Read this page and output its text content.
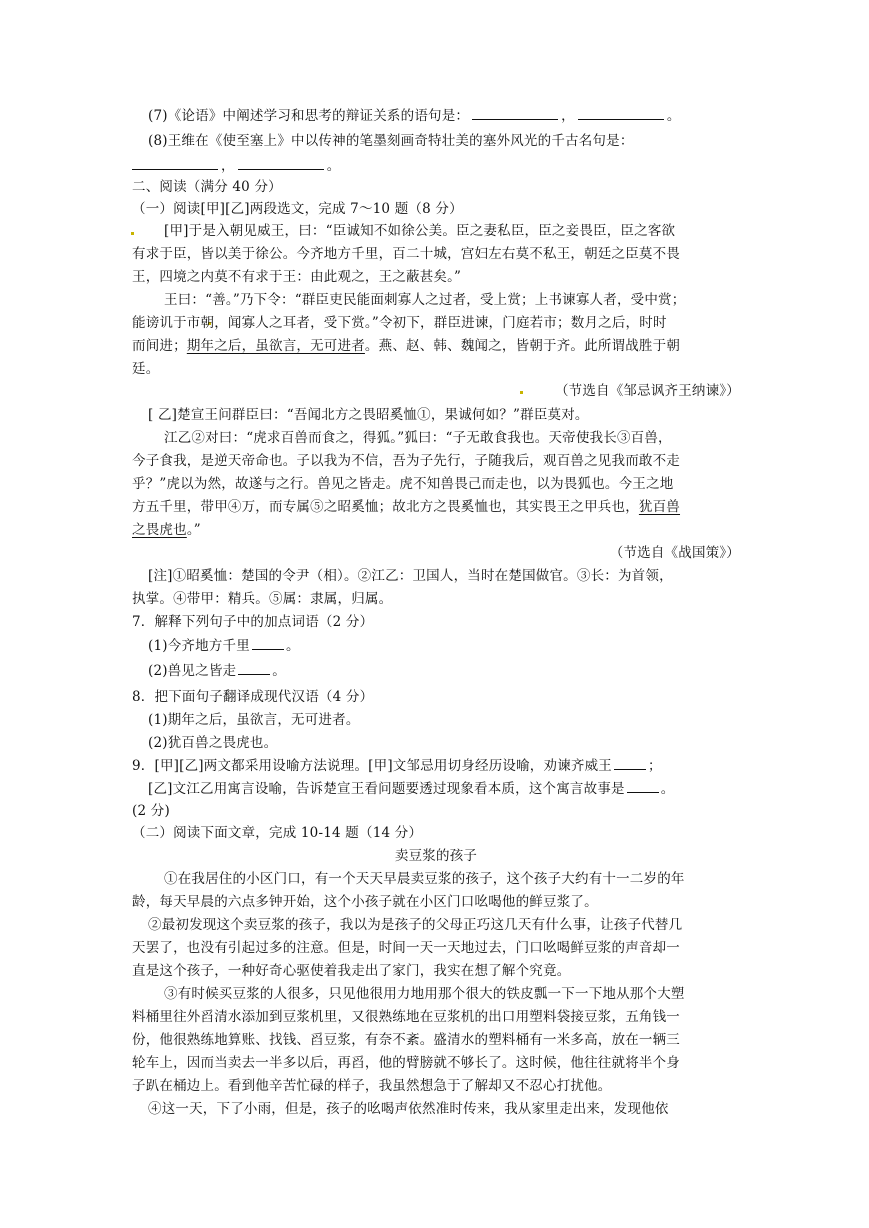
(7)《论语》中阐述学习和思考的辩证关系的语句是：	，	。
(8)王维在《使至塞上》中以传神的笔墨刻画奇特壮美的塞外风光的千古名句是：
，	。
二、阅读（满分 40 分）
（一）阅读[甲][乙]两段选文，完成 7～10 题（8 分）
[甲]于是入朝见威王，曰：“臣诚知不如徐公美。臣之妻私臣，臣之妾畏臣，臣之客欲
有求于臣，皆以美于徐公。今齐地方千里，百二十城，宫妇左右莫不私王，朝廷之臣莫不畏
王，四境之内莫不有求于王：由此观之，王之蔽甚矣。”
王曰：“善。”乃下令：“群臣吏民能面刺寡人之过者，受上赏；上书谏寡人者，受中赏；
能谤讥于市朝，闻寡人之耳者，受下赏。”令初下，群臣进谏，门庭若市；数月之后，时时
而间进；期年之后，虽欲言，无可进者。燕、赵、韩、魏闻之，皆朝于齐。此所谓战胜于朝
廷。
（节选自《邹忌讽齐王纳谏》）
[ 乙]楚宣王问群臣曰：“吾闻北方之畏昭奚恤①，果诚何如？”群臣莫对。
江乙②对曰：“虎求百兽而食之，得狐。”狐曰：“子无敢食我也。天帝使我长③百兽，
今子食我，是逆天帝命也。子以我为不信，吾为子先行，子随我后，观百兽之见我而敢不走
乎？”虎以为然，故遂与之行。兽见之皆走。虎不知兽畏己而走也，以为畏狐也。今王之地
方五千里，带甲④万，而专属⑤之昭奚恤；故北方之畏奚恤也，其实畏王之甲兵也，犹百兽
之畏虎也。”
（节选自《战国策》）
[注]①昭奚恤：楚国的令尹（相）。②江乙：卫国人，当时在楚国做官。③长：为首领，
执掌。④带甲：精兵。⑤属：隶属，归属。
7．解释下列句子中的加点词语（2 分）
(1)今齐地方千里	。
(2)兽见之皆走	。
8．把下面句子翻译成现代汉语（4 分）
(1)期年之后，虽欲言，无可进者。
(2)犹百兽之畏虎也。
9．[甲][乙]两文都采用设喻方法说理。[甲]文邹忌用切身经历设喻，劝谏齐威王	；
[乙]文江乙用寓言设喻，告诉楚宣王看问题要透过现象看本质，这个寓言故事是	。
(2 分)
（二）阅读下面文章，完成 10-14 题（14 分）
卖豆浆的孩子
①在我居住的小区门口，有一个天天早晨卖豆浆的孩子，这个孩子大约有十一二岁的年
龄，每天早晨的六点多钟开始，这个小孩子就在小区门口吆喝他的鲜豆浆了。
②最初发现这个卖豆浆的孩子，我以为是孩子的父母正巧这几天有什么事，让孩子代替几
天罢了，也没有引起过多的注意。但是，时间一天一天地过去，门口吆喝鲜豆浆的声音却一
直是这个孩子，一种好奇心驱使着我走出了家门，我实在想了解个究竟。
③有时候买豆浆的人很多，只见他很用力地用那个很大的铁皮瓢一下一下地从那个大塑
料桶里往外舀清水添加到豆浆机里，又很熟练地在豆浆机的出口用塑料袋接豆浆，五角钱一
份，他很熟练地算账、找钱、舀豆浆，有奈不紊。盛清水的塑料桶有一米多高，放在一辆三
轮车上，因而当卖去一半多以后，再舀，他的臂膀就不够长了。这时候，他往往就将半个身
子趴在桶边上。看到他辛苦忙碌的样子，我虽然想急于了解却又不忍心打扰他。
④这一天，下了小雨，但是，孩子的吆喝声依然准时传来，我从家里走出来，发现他依
